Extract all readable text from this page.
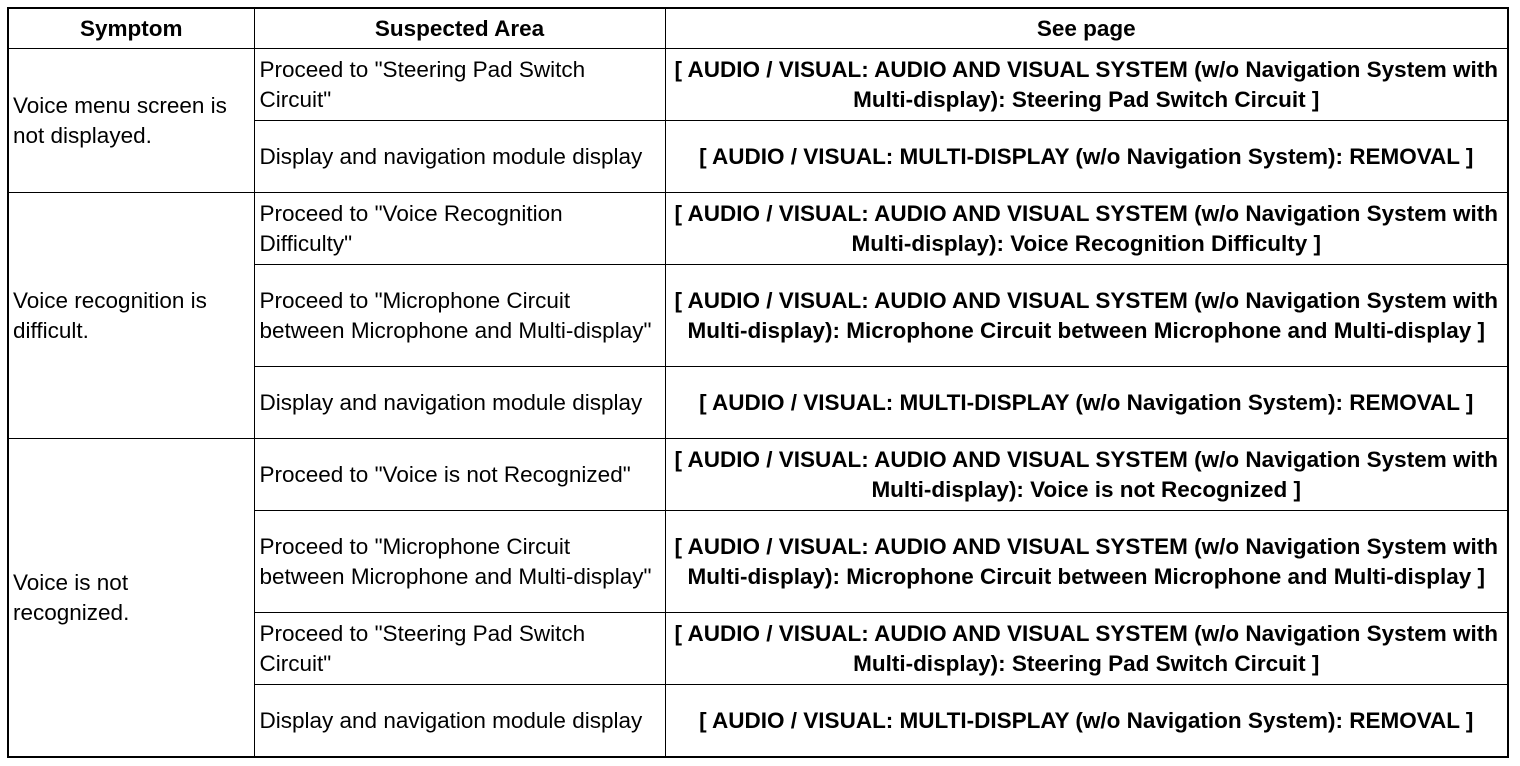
Symptom	Suspected Area	See page
Voice menu screen is not displayed.	Proceed to "Steering Pad Switch Circuit"	[ AUDIO / VISUAL: AUDIO AND VISUAL SYSTEM (w/o Navigation System with Multi-display): Steering Pad Switch Circuit ]
	Display and navigation module display	[ AUDIO / VISUAL: MULTI-DISPLAY (w/o Navigation System): REMOVAL ]
Voice recognition is difficult.	Proceed to "Voice Recognition Difficulty"	[ AUDIO / VISUAL: AUDIO AND VISUAL SYSTEM (w/o Navigation System with Multi-display): Voice Recognition Difficulty ]
	Proceed to "Microphone Circuit between Microphone and Multi-display"	[ AUDIO / VISUAL: AUDIO AND VISUAL SYSTEM (w/o Navigation System with Multi-display): Microphone Circuit between Microphone and Multi-display ]
	Display and navigation module display	[ AUDIO / VISUAL: MULTI-DISPLAY (w/o Navigation System): REMOVAL ]
Voice is not recognized.	Proceed to "Voice is not Recognized"	[ AUDIO / VISUAL: AUDIO AND VISUAL SYSTEM (w/o Navigation System with Multi-display): Voice is not Recognized ]
	Proceed to "Microphone Circuit between Microphone and Multi-display"	[ AUDIO / VISUAL: AUDIO AND VISUAL SYSTEM (w/o Navigation System with Multi-display): Microphone Circuit between Microphone and Multi-display ]
	Proceed to "Steering Pad Switch Circuit"	[ AUDIO / VISUAL: AUDIO AND VISUAL SYSTEM (w/o Navigation System with Multi-display): Steering Pad Switch Circuit ]
	Display and navigation module display	[ AUDIO / VISUAL: MULTI-DISPLAY (w/o Navigation System): REMOVAL ]
